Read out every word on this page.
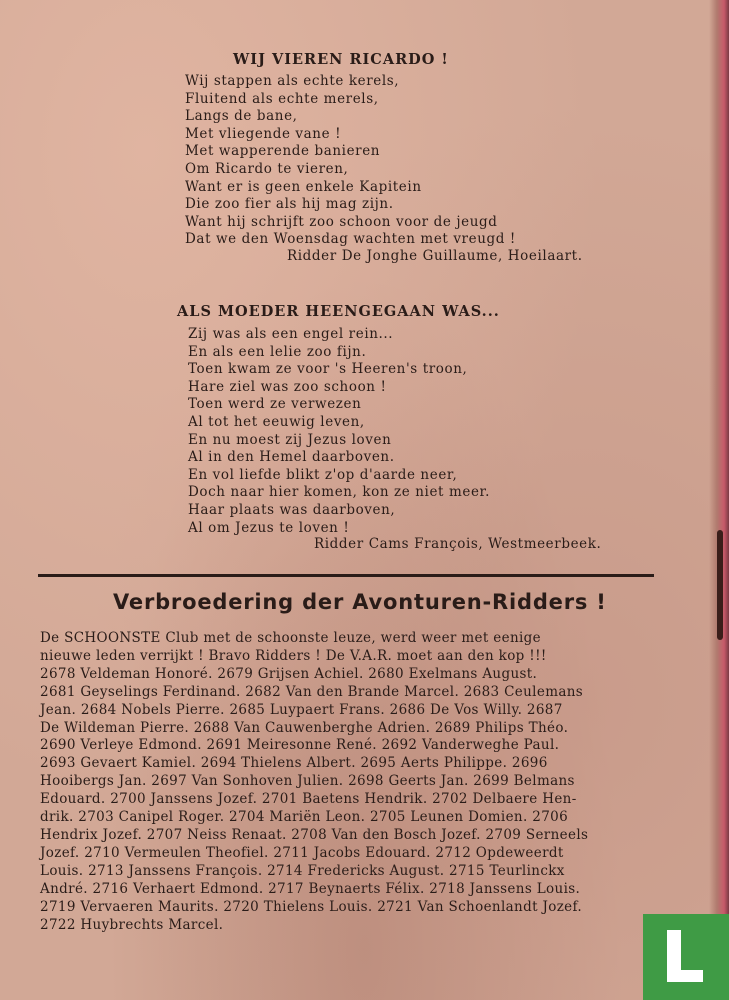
WIJ VIEREN RICARDO !
Wij stappen als echte kerels,
Fluitend als echte merels,
Langs de bane,
Met vliegende vane !
Met wapperende banieren
Om Ricardo te vieren,
Want er is geen enkele Kapitein
Die zoo fier als hij mag zijn.
Want hij schrijft zoo schoon voor de jeugd
Dat we den Woensdag wachten met vreugd !
Ridder De Jonghe Guillaume, Hoeilaart.
ALS MOEDER HEENGEGAAN WAS...
Zij was als een engel rein...
En als een lelie zoo fijn.
Toen kwam ze voor 's Heeren's troon,
Hare ziel was zoo schoon !
Toen werd ze verwezen
Al tot het eeuwig leven,
En nu moest zij Jezus loven
Al in den Hemel daarboven.
En vol liefde blikt z'op d'aarde neer,
Doch naar hier komen, kon ze niet meer.
Haar plaats was daarboven,
Al om Jezus te loven !
Ridder Cams François, Westmeerbeek.
Verbroedering der Avonturen-Ridders !
De SCHOONSTE Club met de schoonste leuze, werd weer met eenige
nieuwe leden verrijkt ! Bravo Ridders ! De V.A.R. moet aan den kop !!!
2678 Veldeman Honoré. 2679 Grijsen Achiel. 2680 Exelmans August.
2681 Geyselings Ferdinand. 2682 Van den Brande Marcel. 2683 Ceulemans
Jean. 2684 Nobels Pierre. 2685 Luypaert Frans. 2686 De Vos Willy. 2687
De Wildeman Pierre. 2688 Van Cauwenberghe Adrien. 2689 Philips Théo.
2690 Verleye Edmond. 2691 Meiresonne René. 2692 Vanderweghe Paul.
2693 Gevaert Kamiel. 2694 Thielens Albert. 2695 Aerts Philippe. 2696
Hooibergs Jan. 2697 Van Sonhoven Julien. 2698 Geerts Jan. 2699 Belmans
Edouard. 2700 Janssens Jozef. 2701 Baetens Hendrik. 2702 Delbaere Hen-
drik. 2703 Canipel Roger. 2704 Mariën Leon. 2705 Leunen Domien. 2706
Hendrix Jozef. 2707 Neiss Renaat. 2708 Van den Bosch Jozef. 2709 Serneels
Jozef. 2710 Vermeulen Theofiel. 2711 Jacobs Edouard. 2712 Opdeweerdt
Louis. 2713 Janssens François. 2714 Fredericks August. 2715 Teurlinckx
André. 2716 Verhaert Edmond. 2717 Beynaerts Félix. 2718 Janssens Louis.
2719 Vervaeren Maurits. 2720 Thielens Louis. 2721 Van Schoenlandt Jozef.
2722 Huybrechts Marcel.
